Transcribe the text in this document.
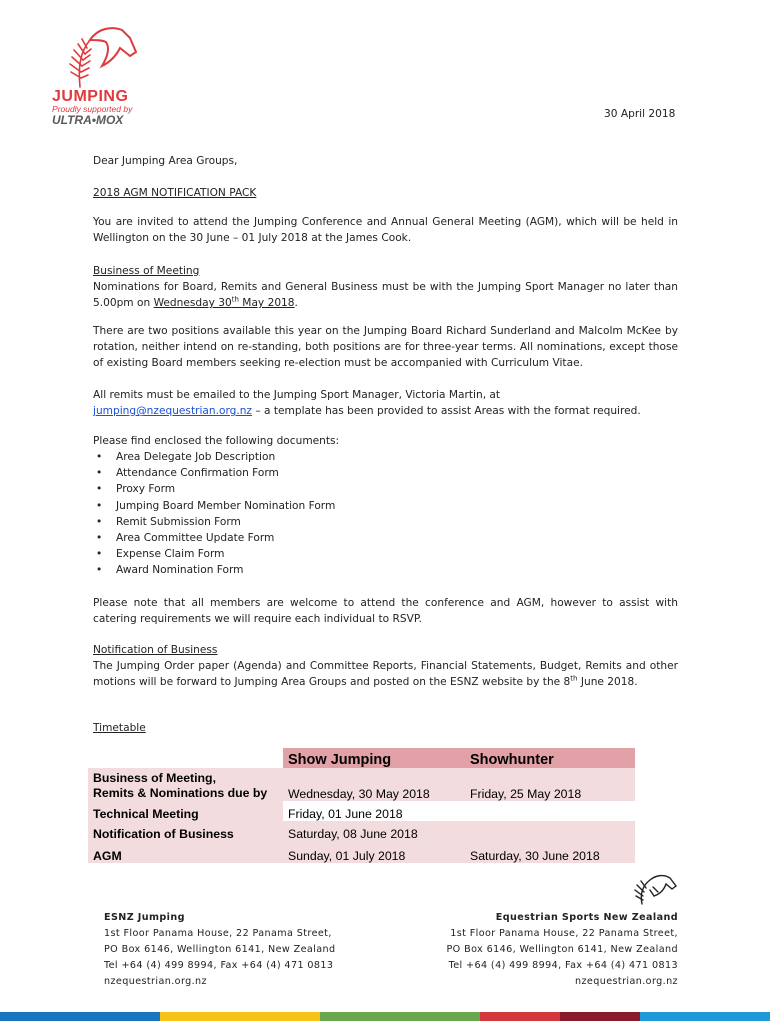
JUMPING
Proudly supported by
ULTRA•MOX	30 April 2018
Dear Jumping Area Groups,
2018 AGM NOTIFICATION PACK
You are invited to attend the Jumping Conference and Annual General Meeting (AGM), which will be held in Wellington on the 30 June – 01 July 2018 at the James Cook.
Business of Meeting
Nominations for Board, Remits and General Business must be with the Jumping Sport Manager no later than 5.00pm on Wednesday 30th May 2018.
There are two positions available this year on the Jumping Board Richard Sunderland and Malcolm McKee by rotation, neither intend on re-standing, both positions are for three-year terms. All nominations, except those of existing Board members seeking re-election must be accompanied with Curriculum Vitae.
All remits must be emailed to the Jumping Sport Manager, Victoria Martin, at
jumping@nzequestrian.org.nz – a template has been provided to assist Areas with the format required.
Please find enclosed the following documents:
• Area Delegate Job Description
• Attendance Confirmation Form
• Proxy Form
• Jumping Board Member Nomination Form
• Remit Submission Form
• Area Committee Update Form
• Expense Claim Form
• Award Nomination Form
Please note that all members are welcome to attend the conference and AGM, however to assist with catering requirements we will require each individual to RSVP.
Notification of Business
The Jumping Order paper (Agenda) and Committee Reports, Financial Statements, Budget, Remits and other motions will be forward to Jumping Area Groups and posted on the ESNZ website by the 8th June 2018.
Timetable
	Show Jumping	Showhunter

Business of Meeting,
Remits & Nominations due by	Wednesday, 30 May 2018	Friday, 25 May 2018
Technical Meeting	Friday, 01 June 2018	
Notification of Business	Saturday, 08 June 2018	
AGM	Sunday, 01 July 2018	Saturday, 30 June 2018
ESNZ Jumping
1st Floor Panama House, 22 Panama Street,
PO Box 6146, Wellington 6141, New Zealand
Tel +64 (4) 499 8994, Fax +64 (4) 471 0813
nzequestrian.org.nz
Equestrian Sports New Zealand
1st Floor Panama House, 22 Panama Street,
PO Box 6146, Wellington 6141, New Zealand
Tel +64 (4) 499 8994, Fax +64 (4) 471 0813
nzequestrian.org.nz
